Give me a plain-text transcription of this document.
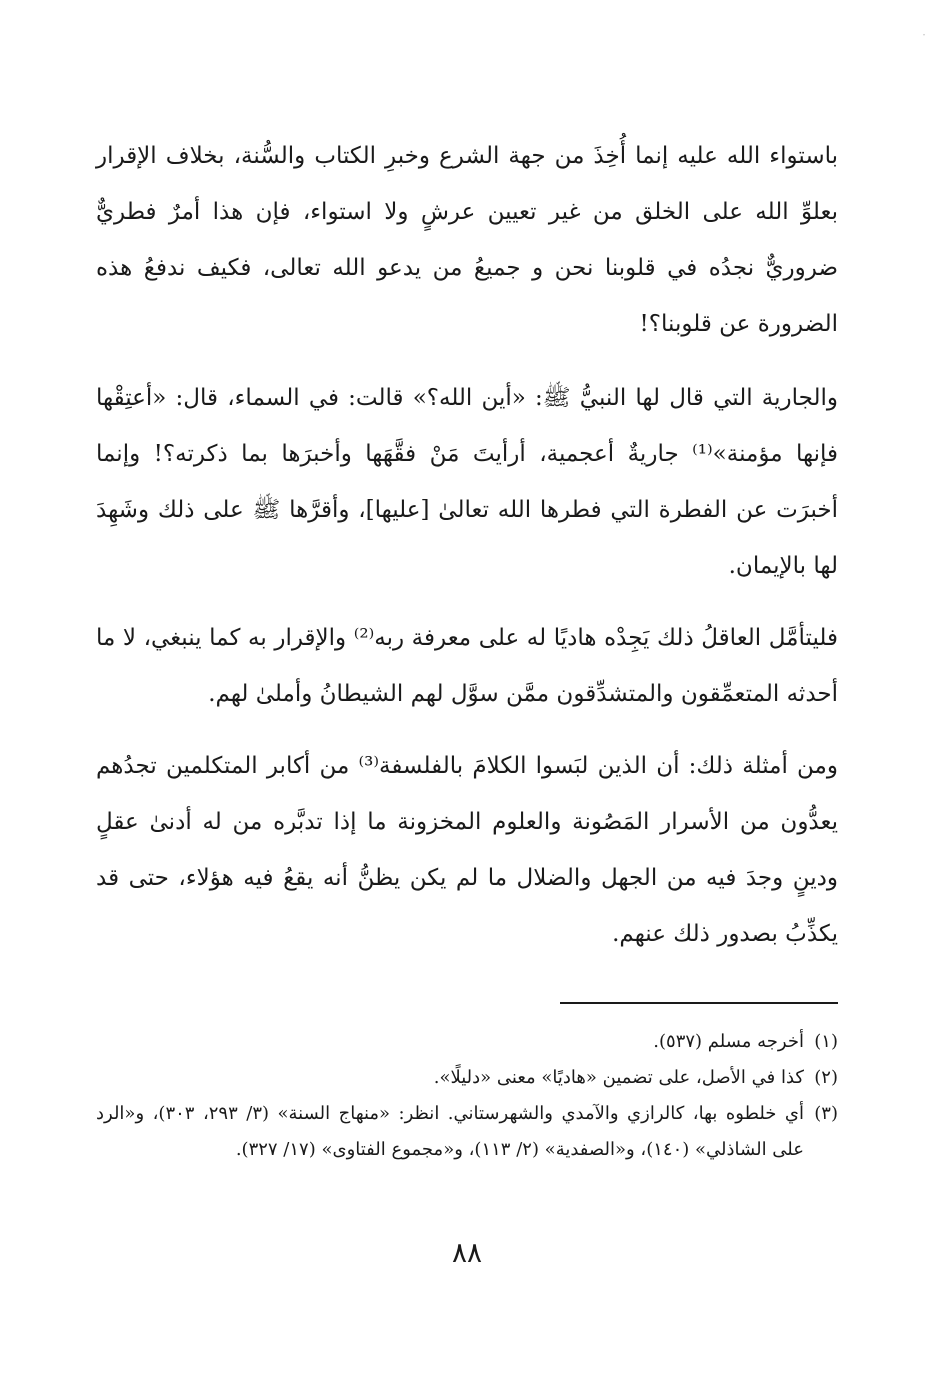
·

باستواء الله عليه إنما أُخِذَ من جهة الشرع وخبرِ الكتاب والسُّنة، بخلاف الإقرار بعلوِّ الله على الخلق من غير تعيين عرشٍ ولا استواء، فإن هذا أمرٌ فطريٌّ ضروريٌّ نجدُه في قلوبنا نحن و جميعُ من يدعو الله تعالى، فكيف ندفعُ هذه الضرورة عن قلوبنا؟!

والجارية التي قال لها النبيُّ ﷺ: «أين الله؟» قالت: في السماء، قال: «أعتِقْها فإنها مؤمنة»⁽¹⁾ جاريةٌ أعجمية، أرأيتَ مَنْ فقَّهَها وأخبرَها بما ذكرته؟! وإنما أخبرَت عن الفطرة التي فطرها الله تعالىٰ [عليها]، وأقرَّها ﷺ على ذلك وشَهِدَ لها بالإيمان.

فليتأمَّل العاقلُ ذلك يَجِدْه هاديًا له على معرفة ربه⁽²⁾ والإقرار به كما ينبغي، لا ما أحدثه المتعمِّقون والمتشدِّقون ممَّن سوَّل لهم الشيطانُ وأملىٰ لهم.

ومن أمثلة ذلك: أن الذين لبَسوا الكلامَ بالفلسفة⁽³⁾ من أكابر المتكلمين تجدُهم يعدُّون من الأسرار المَصُونة والعلوم المخزونة ما إذا تدبَّره من له أدنىٰ عقلٍ ودينٍ وجدَ فيه من الجهل والضلال ما لم يكن يظنُّ أنه يقعُ فيه هؤلاء، حتى قد يكذِّبُ بصدور ذلك عنهم.

(١)
أخرجه مسلم (٥٣٧).
(٢)
كذا في الأصل، على تضمين «هاديًا» معنى «دليلًا».
(٣)
أي خلطوه بها، كالرازي والآمدي والشهرستاني. انظر: «منهاج السنة» (٣/ ٢٩٣، ٣٠٣)، و«الرد على الشاذلي» (١٤٠)، و«الصفدية» (٢/ ١١٣)، و«مجموع الفتاوى» (١٧/ ٣٢٧).
٨٨
